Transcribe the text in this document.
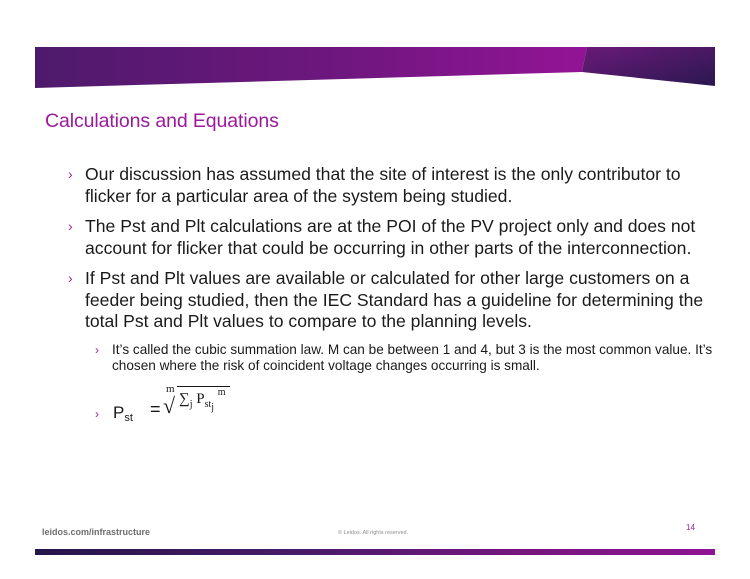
Calculations and Equations
› Our discussion has assumed that the site of interest is the only contributor to flicker for a particular area of the system being studied.
› The Pst and Plt calculations are at the POI of the PV project only and does not account for flicker that could be occurring in other parts of the interconnection.
› If Pst and Plt values are available or calculated for other large customers on a feeder being studied, then the IEC Standard has a guideline for determining the total Pst and Plt values to compare to the planning levels.
› It’s called the cubic summation law. M can be between 1 and 4, but 3 is the most common value. It’s chosen where the risk of coincident voltage changes occurring is small.
› $P_{st}$ =
m
√ $\sum_j$ $P_{st_j}$ $^m$
leidos.com/infrastructure	© Leidos. All rights reserved.
14
